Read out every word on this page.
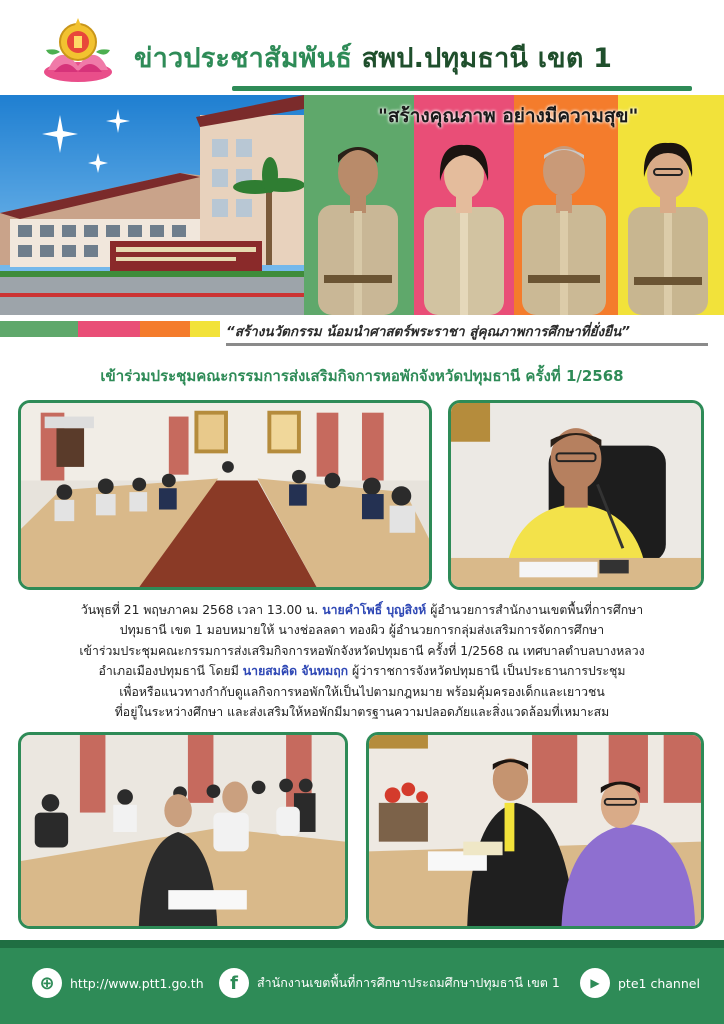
ข่าวประชาสัมพันธ์ สพป.ปทุมธานี เขต 1
"สร้างคุณภาพ อย่างมีความสุข"
“สร้างนวัตกรรม น้อมนำศาสตร์พระราชา สู่คุณภาพการศึกษาที่ยั่งยืน”
เข้าร่วมประชุมคณะกรรมการส่งเสริมกิจการหอพักจังหวัดปทุมธานี ครั้งที่ 1/2568
วันพุธที่ 21 พฤษภาคม 2568 เวลา 13.00 น. นายคำโพธิ์ บุญสิงห์ ผู้อำนวยการสำนักงานเขตพื้นที่การศึกษา
ปทุมธานี เขต 1 มอบหมายให้ นางช่อลลดา ทองผิว ผู้อำนวยการกลุ่มส่งเสริมการจัดการศึกษา
เข้าร่วมประชุมคณะกรรมการส่งเสริมกิจการหอพักจังหวัดปทุมธานี ครั้งที่ 1/2568 ณ เทศบาลตำบลบางหลวง
อำเภอเมืองปทุมธานี โดยมี นายสมคิด จันทมฤก ผู้ว่าราชการจังหวัดปทุมธานี เป็นประธานการประชุม
เพื่อหรือแนวทางกำกับดูแลกิจการหอพักให้เป็นไปตามกฎหมาย พร้อมคุ้มครองเด็กและเยาวชน
ที่อยู่ในระหว่างศึกษา และส่งเสริมให้หอพักมีมาตรฐานความปลอดภัยและสิ่งแวดล้อมที่เหมาะสม
⊕	http://www.ptt1.go.th	f	สำนักงานเขตพื้นที่การศึกษาประถมศึกษาปทุมธานี เขต 1	▶	pte1 channel
